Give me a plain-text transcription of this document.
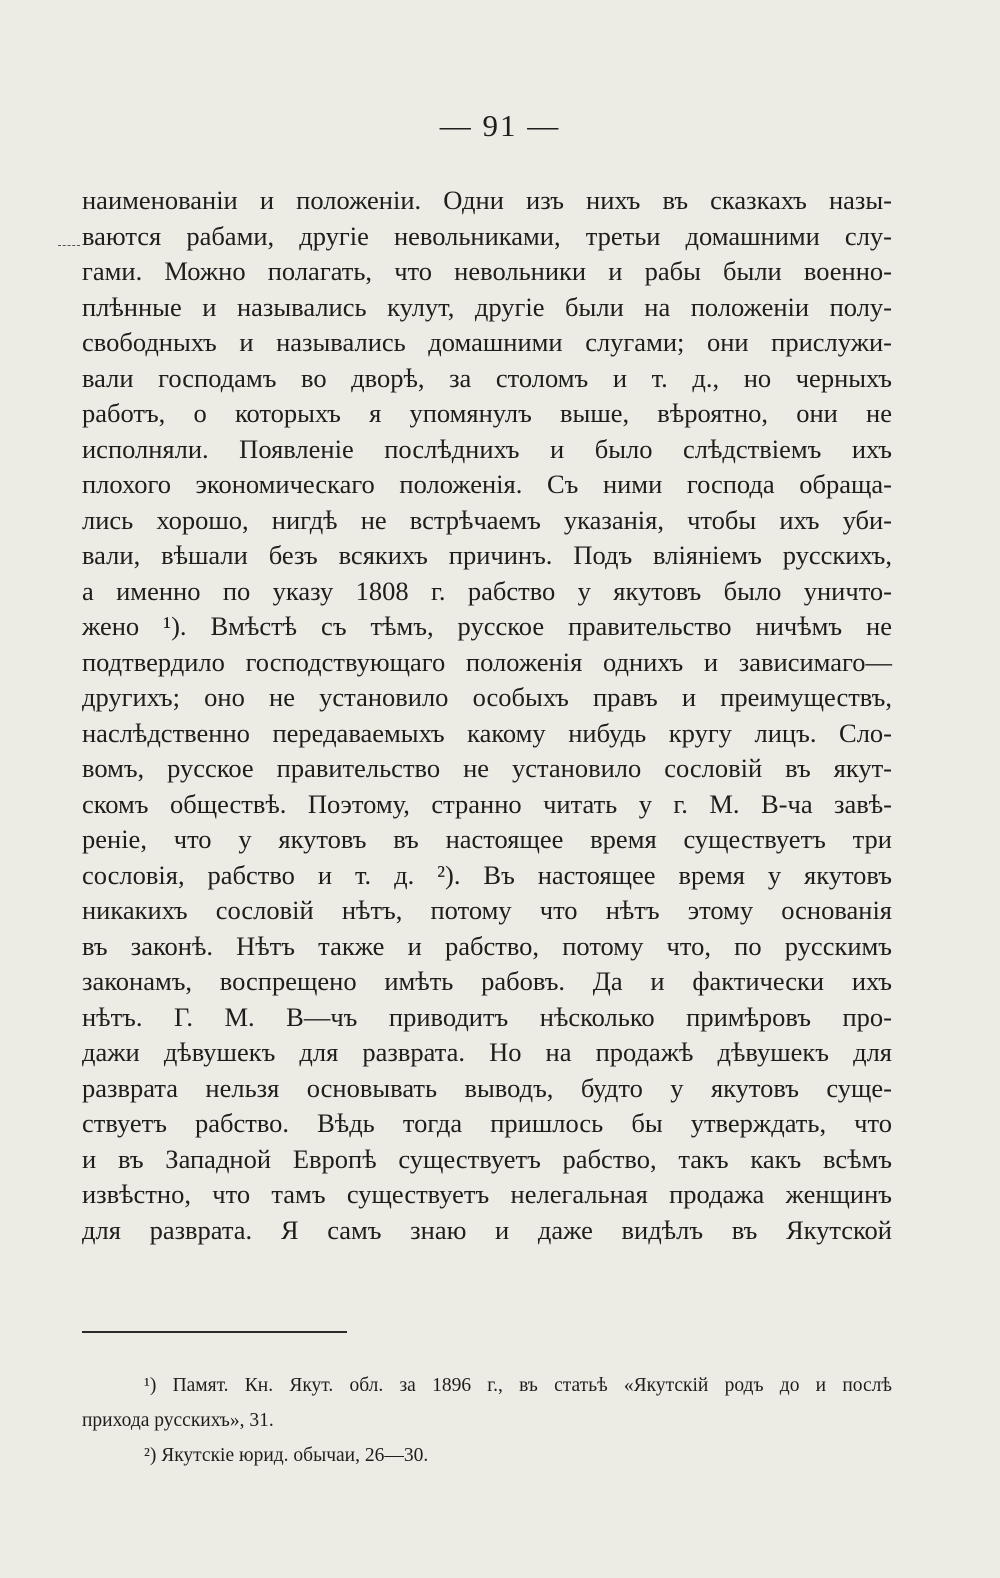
— 91 —
наименованіи и положеніи. Одни изъ нихъ въ сказкахъ назы-
ваются рабами, другіе невольниками, третьи домашними слу-
гами. Можно полагать, что невольники и рабы были военно-
плѣнные и назывались кулут, другіе были на положеніи полу-
свободныхъ и назывались домашними слугами; они прислужи-
вали господамъ во дворѣ, за столомъ и т. д., но черныхъ
работъ, о которыхъ я упомянулъ выше, вѣроятно, они не
исполняли. Появленіе послѣднихъ и было слѣдствіемъ ихъ
плохого экономическаго положенія. Съ ними господа обраща-
лись хорошо, нигдѣ не встрѣчаемъ указанія, чтобы ихъ уби-
вали, вѣшали безъ всякихъ причинъ. Подъ вліяніемъ русскихъ,
а именно по указу 1808 г. рабство у якутовъ было уничто-
жено ¹). Вмѣстѣ съ тѣмъ, русское правительство ничѣмъ не
подтвердило господствующаго положенія однихъ и зависимаго—
другихъ; оно не установило особыхъ правъ и преимуществъ,
наслѣдственно передаваемыхъ какому нибудь кругу лицъ. Сло-
вомъ, русское правительство не установило сословій въ якут-
скомъ обществѣ. Поэтому, странно читать у г. М. В-ча завѣ-
реніе, что у якутовъ въ настоящее время существуетъ три
сословія, рабство и т. д. ²). Въ настоящее время у якутовъ
никакихъ сословій нѣтъ, потому что нѣтъ этому основанія
въ законѣ. Нѣтъ также и рабство, потому что, по русскимъ
законамъ, воспрещено имѣть рабовъ. Да и фактически ихъ
нѣтъ. Г. М. В—чъ приводитъ нѣсколько примѣровъ про-
дажи дѣвушекъ для разврата. Но на продажѣ дѣвушекъ для
разврата нельзя основывать выводъ, будто у якутовъ суще-
ствуетъ рабство. Вѣдь тогда пришлось бы утверждать, что
и въ Западной Европѣ существуетъ рабство, такъ какъ всѣмъ
извѣстно, что тамъ существуетъ нелегальная продажа женщинъ
для разврата. Я самъ знаю и даже видѣлъ въ Якутской
¹) Памят. Кн. Якут. обл. за 1896 г., въ статьѣ «Якутскій родъ до и послѣ
прихода русскихъ», 31.
²) Якутскіе юрид. обычаи, 26—30.
